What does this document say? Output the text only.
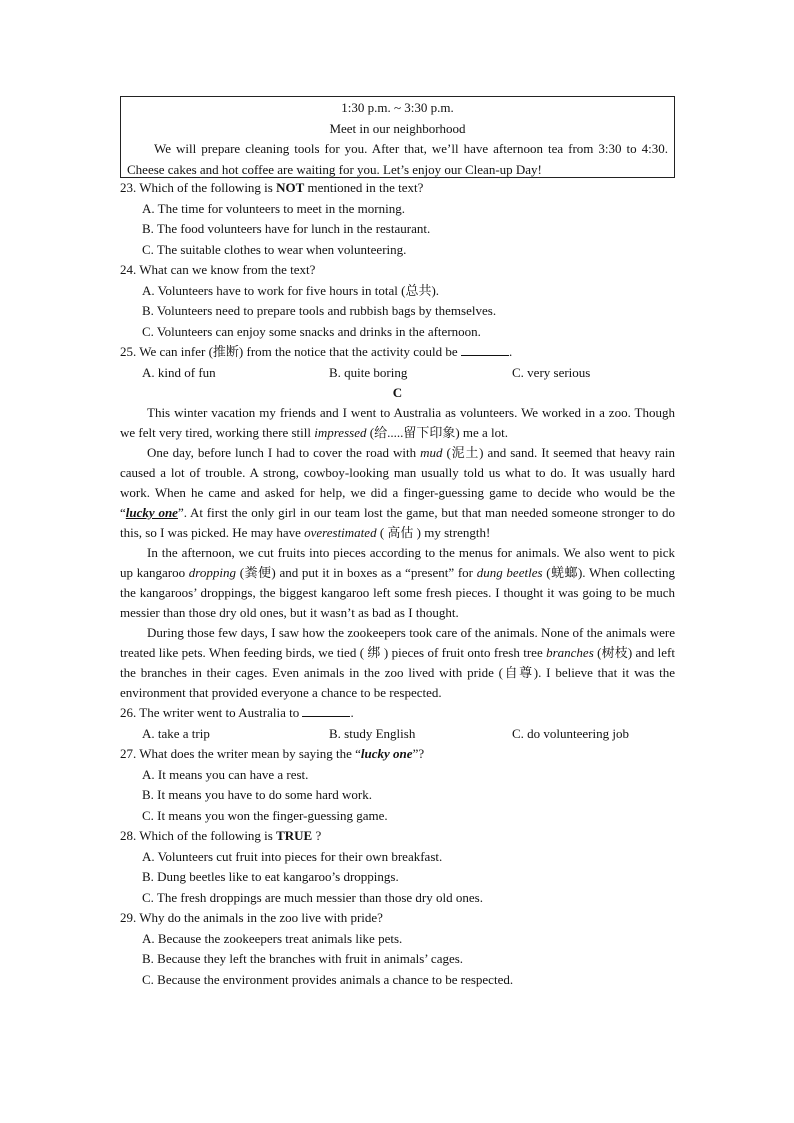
1:30 p.m. ~ 3:30 p.m.
Meet in our neighborhood
We will prepare cleaning tools for you. After that, we’ll have afternoon tea from 3:30 to 4:30. Cheese cakes and hot coffee are waiting for you. Let’s enjoy our Clean-up Day!
23. Which of the following is NOT mentioned in the text?
A. The time for volunteers to meet in the morning.
B. The food volunteers have for lunch in the restaurant.
C. The suitable clothes to wear when volunteering.
24. What can we know from the text?
A. Volunteers have to work for five hours in total (总共).
B. Volunteers need to prepare tools and rubbish bags by themselves.
C. Volunteers can enjoy some snacks and drinks in the afternoon.
25. We can infer (推断) from the notice that the activity could be	.
A. kind of fun	B. quite boring	C. very serious
C
This winter vacation my friends and I went to Australia as volunteers. We worked in a zoo. Though we felt very tired, working there still impressed (给.....留下印象) me a lot.
One day, before lunch I had to cover the road with mud (泥土) and sand. It seemed that heavy rain caused a lot of trouble. A strong, cowboy-looking man usually told us what to do. It was usually hard work. When he came and asked for help, we did a finger-guessing game to decide who would be the “lucky one”. At first the only girl in our team lost the game, but that man needed someone stronger to do this, so I was picked. He may have overestimated ( 高估 ) my strength!
In the afternoon, we cut fruits into pieces according to the menus for animals. We also went to pick up kangaroo dropping (粪便) and put it in boxes as a “present” for dung beetles (蜣螂). When collecting the kangaroos’ droppings, the biggest kangaroo left some fresh pieces. I thought it was going to be much messier than those dry old ones, but it wasn’t as bad as I thought.
During those few days, I saw how the zookeepers took care of the animals. None of the animals were treated like pets. When feeding birds, we tied ( 绑 ) pieces of fruit onto fresh tree branches (树枝) and left the branches in their cages. Even animals in the zoo lived with pride (自尊). I believe that it was the environment that provided everyone a chance to be respected.
26. The writer went to Australia to	.
A. take a trip	B. study English	C. do volunteering job
27. What does the writer mean by saying the “lucky one”?
A. It means you can have a rest.
B. It means you have to do some hard work.
C. It means you won the finger-guessing game.
28. Which of the following is TRUE ?
A. Volunteers cut fruit into pieces for their own breakfast.
B. Dung beetles like to eat kangaroo’s droppings.
C. The fresh droppings are much messier than those dry old ones.
29. Why do the animals in the zoo live with pride?
A. Because the zookeepers treat animals like pets.
B. Because they left the branches with fruit in animals’ cages.
C. Because the environment provides animals a chance to be respected.
